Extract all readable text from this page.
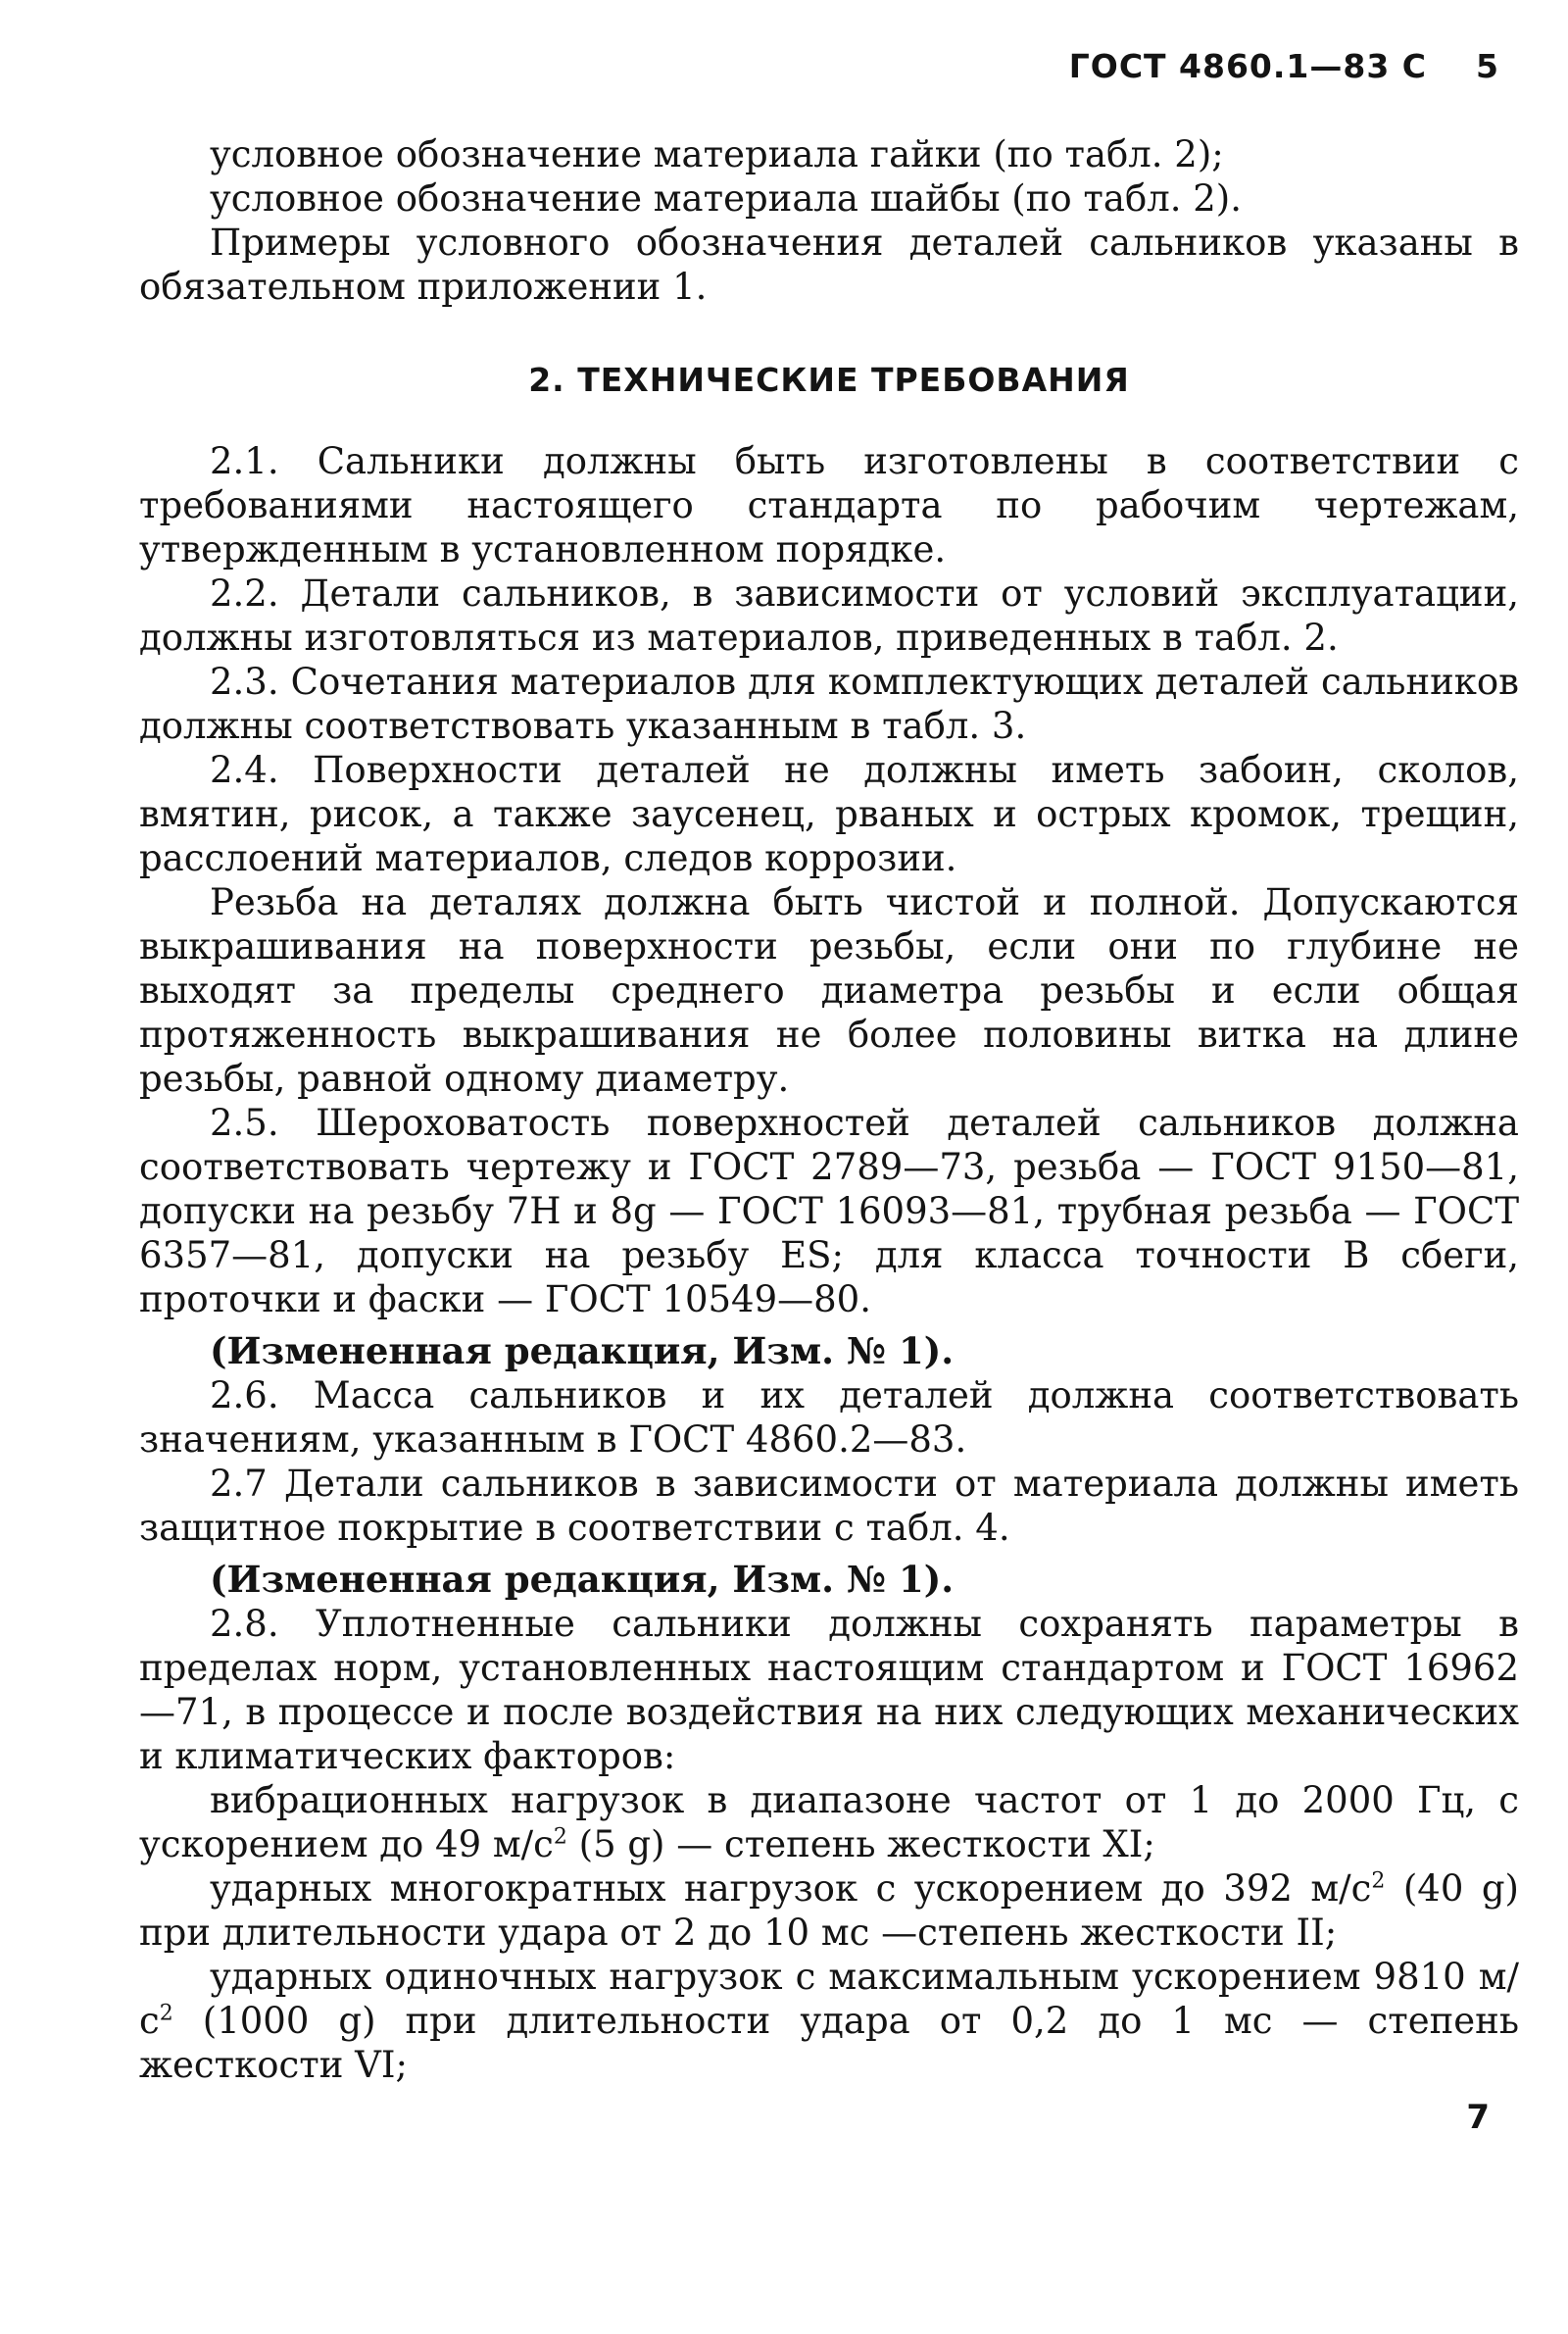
ГОСТ 4860.1—83 С 5

условное обозначение материала гайки (по табл. 2);

условное обозначение материала шайбы (по табл. 2).

Примеры условного обозначения деталей сальников указаны в обязательном приложении 1.

2. ТЕХНИЧЕСКИЕ ТРЕБОВАНИЯ

2.1. Сальники должны быть изготовлены в соответствии с требованиями настоящего стандарта по рабочим чертежам, утвержденным в установленном порядке.

2.2. Детали сальников, в зависимости от условий эксплуатации, должны изготовляться из материалов, приведенных в табл. 2.

2.3. Сочетания материалов для комплектующих деталей сальников должны соответствовать указанным в табл. 3.

2.4. Поверхности деталей не должны иметь забоин, сколов, вмятин, рисок, а также заусенец, рваных и острых кромок, трещин, расслоений материалов, следов коррозии.

Резьба на деталях должна быть чистой и полной. Допускаются выкрашивания на поверхности резьбы, если они по глубине не выходят за пределы среднего диаметра резьбы и если общая протяженность выкрашивания не более половины витка на длине резьбы, равной одному диаметру.

2.5. Шероховатость поверхностей деталей сальников должна соответствовать чертежу и ГОСТ 2789—73, резьба — ГОСТ 9150—81, допуски на резьбу 7H и 8g — ГОСТ 16093—81, трубная резьба — ГОСТ 6357—81, допуски на резьбу ES; для класса точности В сбеги, проточки и фаски — ГОСТ 10549—80.

(Измененная редакция, Изм. № 1).

2.6. Масса сальников и их деталей должна соответствовать значениям, указанным в ГОСТ 4860.2—83.

2.7 Детали сальников в зависимости от материала должны иметь защитное покрытие в соответствии с табл. 4.

(Измененная редакция, Изм. № 1).

2.8. Уплотненные сальники должны сохранять параметры в пределах норм, установленных настоящим стандартом и ГОСТ 16962—71, в процессе и после воздействия на них следующих механических и климатических факторов:

вибрационных нагрузок в диапазоне частот от 1 до 2000 Гц, с ускорением до 49 $м/с^2$ (5 g) — степень жесткости XI;

ударных многократных нагрузок с ускорением до 392 $м/с^2$ (40 g) при длительности удара от 2 до 10 мс —степень жесткости II;

ударных одиночных нагрузок с максимальным ускорением 9810 $м/с^2$ (1000 g) при длительности удара от 0,2 до 1 мс — степень жесткости VI;

7
